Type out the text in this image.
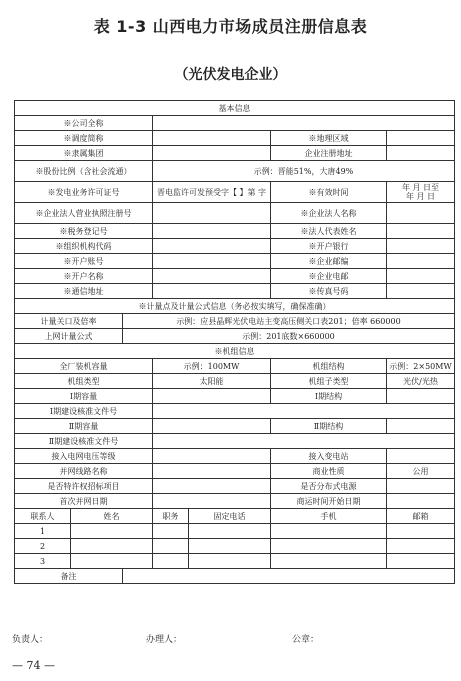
表 1-3 山西电力市场成员注册信息表
（光伏发电企业）
基本信息						
※公司全称						
※调度简称					※地理区域	
※隶属集团					企业注册地址	
※股份比例（含社会流通）			示例：晋能51%，大唐49%			
※发电业务许可证号			晋电监许可发预受字【 】第 字		※有效时间	年 月 日至
年 月 日

※企业法人营业执照注册号					※企业法人名称	
※税务登记号					※法人代表姓名	
※组织机构代码					※开户银行	
※开户账号					※企业邮编	
※开户名称					※企业电邮	
※通信地址					※传真号码	
※计量点及计量公式信息（务必按实填写，确保准确）						
计量关口及倍率		示例：应县晶辉光伏电站主变高压侧关口表201；倍率 660000				
上网计量公式		示例：201底数×660000				
※机组信息						
全厂装机容量			示例：100MW		机组结构	示例：2×50MW
机组类型			太阳能		机组子类型	光伏/光热
Ⅰ期容量					Ⅰ期结构	
Ⅰ期建设核准文件号						
Ⅱ期容量					Ⅱ期结构	
Ⅱ期建设核准文件号						
接入电网电压等级					接入变电站	
并网线路名称					商业性质	公用
是否特许权招标项目					是否分布式电源	
首次并网日期					商运时间开始日期	
联系人	姓名		职务	固定电话	手机	邮箱
1						
2						
3						
备注						
负责人：	办理人：	公章：
— 74 —
